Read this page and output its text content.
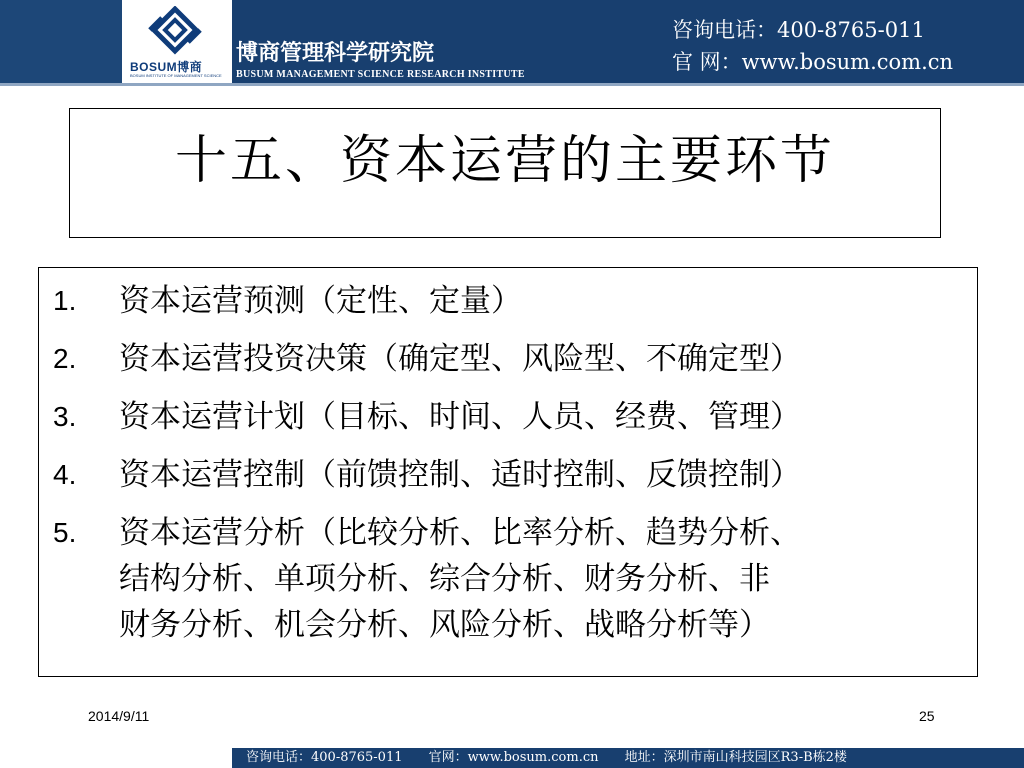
BOSUM博商
BOSUM INSTITUTE OF MANAGEMENT SCIENCE
博商管理科学研究院
BUSUM MANAGEMENT SCIENCE RESEARCH INSTITUTE
咨询电话：400-8765-011
官 网：www.bosum.com.cn
十五、资本运营的主要环节
1. 资本运营预测（定性、定量）
2. 资本运营投资决策（确定型、风险型、不确定型）
3. 资本运营计划（目标、时间、人员、经费、管理）
4. 资本运营控制（前馈控制、适时控制、反馈控制）
5. 资本运营分析（比较分析、比率分析、趋势分析、
结构分析、单项分析、综合分析、财务分析、非
财务分析、机会分析、风险分析、战略分析等）
2014/9/11	25
咨询电话：400-8765-011 官网：www.bosum.com.cn 地址：深圳市南山科技园区R3-B栋2楼
